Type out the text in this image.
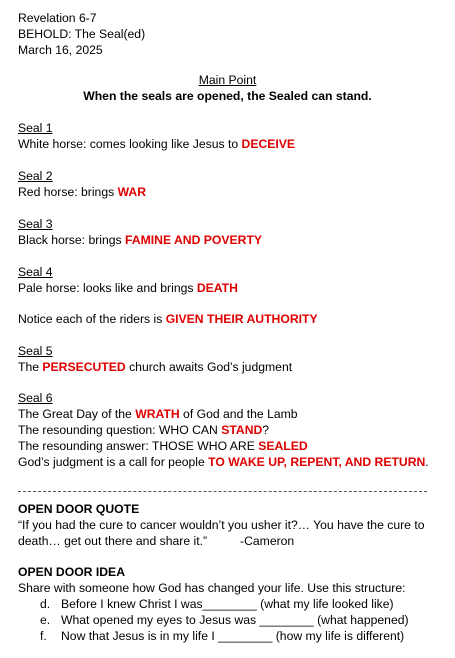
Revelation 6-7
BEHOLD: The Seal(ed)
March 16, 2025
Main Point
When the seals are opened, the Sealed can stand.
Seal 1
White horse: comes looking like Jesus to DECEIVE
Seal 2
Red horse: brings WAR
Seal 3
Black horse: brings FAMINE AND POVERTY
Seal 4
Pale horse: looks like and brings DEATH
Notice each of the riders is GIVEN THEIR AUTHORITY
Seal 5
The PERSECUTED church awaits God’s judgment
Seal 6
The Great Day of the WRATH of God and the Lamb
The resounding question: WHO CAN STAND?
The resounding answer: THOSE WHO ARE SEALED
God’s judgment is a call for people TO WAKE UP, REPENT, AND RETURN.
OPEN DOOR QUOTE
“If you had the cure to cancer wouldn’t you usher it?… You have the cure to
death… get out there and share it.”	-Cameron
OPEN DOOR IDEA
Share with someone how God has changed your life. Use this structure:
d. Before I knew Christ I was________ (what my life looked like)
e. What opened my eyes to Jesus was ________ (what happened)
f. Now that Jesus is in my life I ________ (how my life is different)
